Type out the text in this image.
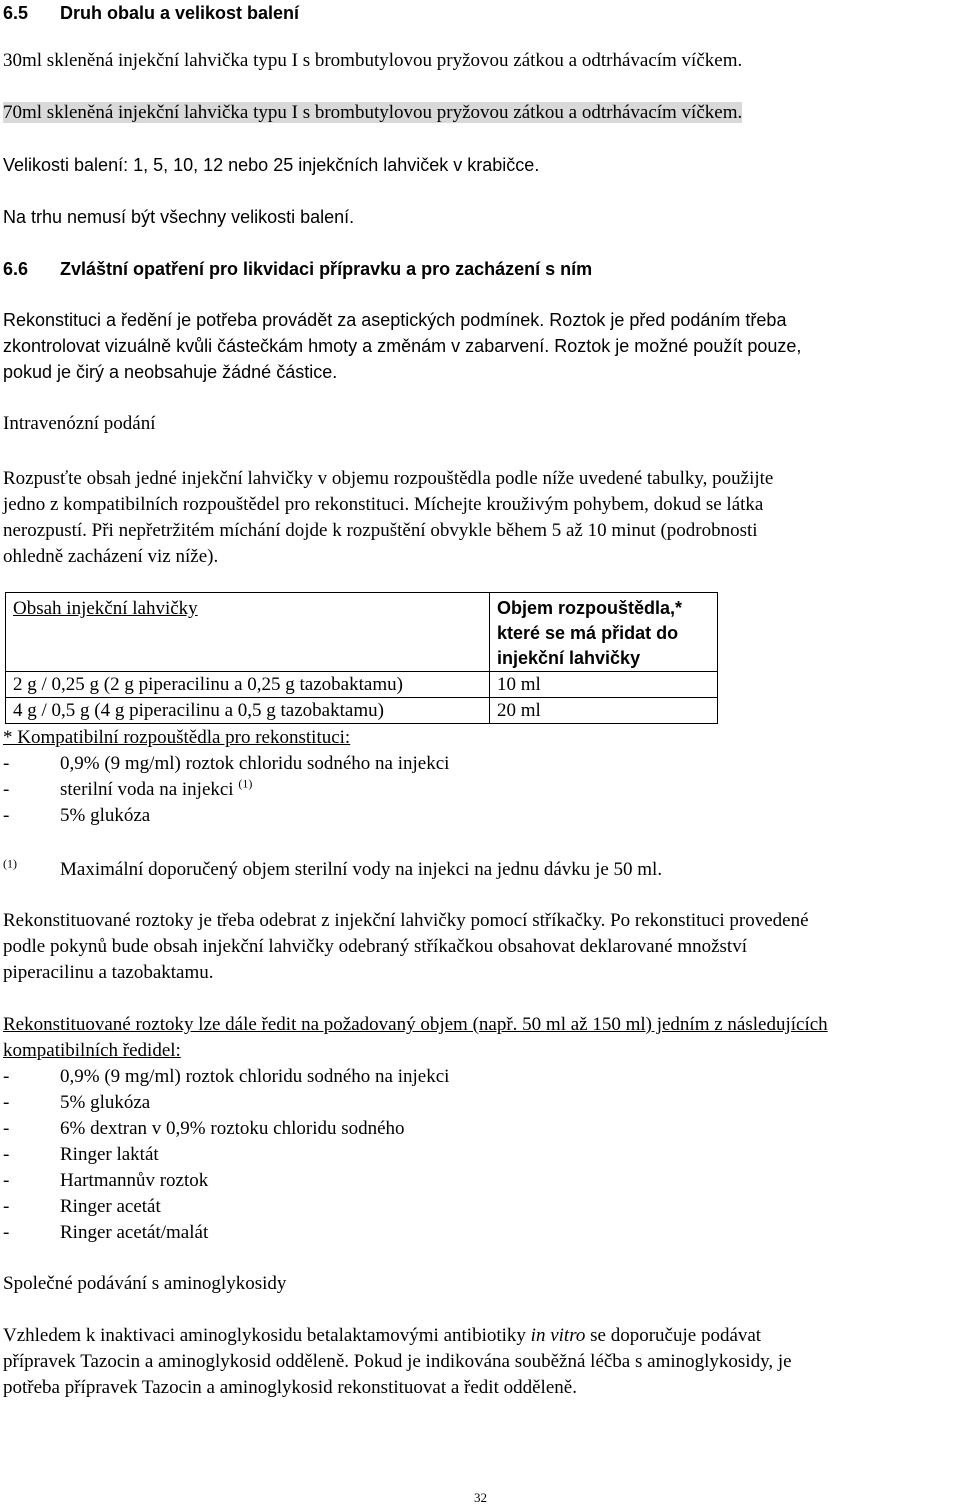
6.5 Druh obalu a velikost balení
30ml skleněná injekční lahvička typu I s brombutylovou pryžovou zátkou a odtrhávacím víčkem.
70ml skleněná injekční lahvička typu I s brombutylovou pryžovou zátkou a odtrhávacím víčkem.
Velikosti balení: 1, 5, 10, 12 nebo 25 injekčních lahviček v krabičce.
Na trhu nemusí být všechny velikosti balení.
6.6 Zvláštní opatření pro likvidaci přípravku a pro zacházení s ním
Rekonstituci a ředění je potřeba provádět za aseptických podmínek. Roztok je před podáním třeba
zkontrolovat vizuálně kvůli částečkám hmoty a změnám v zabarvení. Roztok je možné použít pouze,
pokud je čirý a neobsahuje žádné částice.
Intravenózní podání
Rozpusťte obsah jedné injekční lahvičky v objemu rozpouštědla podle níže uvedené tabulky, použijte
jedno z kompatibilních rozpouštědel pro rekonstituci. Míchejte krouživým pohybem, dokud se látka
nerozpustí. Při nepřetržitém míchání dojde k rozpuštění obvykle během 5 až 10 minut (podrobnosti
ohledně zacházení viz níže).
Obsah injekční lahvičky	Objem rozpouštědla,* které se má přidat do injekční lahvičky
2 g / 0,25 g (2 g piperacilinu a 0,25 g tazobaktamu)	10 ml
4 g / 0,5 g (4 g piperacilinu a 0,5 g tazobaktamu)	20 ml
* Kompatibilní rozpouštědla pro rekonstituci:
-	0,9% (9 mg/ml) roztok chloridu sodného na injekci
-	sterilní voda na injekci $^{(1)}$
-	5% glukóza
$^{(1)}$ Maximální doporučený objem sterilní vody na injekci na jednu dávku je 50 ml.
Rekonstituované roztoky je třeba odebrat z injekční lahvičky pomocí stříkačky. Po rekonstituci provedené
podle pokynů bude obsah injekční lahvičky odebraný stříkačkou obsahovat deklarované množství
piperacilinu a tazobaktamu.
Rekonstituované roztoky lze dále ředit na požadovaný objem (např. 50 ml až 150 ml) jedním z následujících
kompatibilních ředidel:
-	0,9% (9 mg/ml) roztok chloridu sodného na injekci
-	5% glukóza
-	6% dextran v 0,9% roztoku chloridu sodného
-	Ringer laktát
-	Hartmannův roztok
-	Ringer acetát
-	Ringer acetát/malát
Společné podávání s aminoglykosidy
Vzhledem k inaktivaci aminoglykosidu betalaktamovými antibiotiky in vitro se doporučuje podávat
přípravek Tazocin a aminoglykosid odděleně. Pokud je indikována souběžná léčba s aminoglykosidy, je
potřeba přípravek Tazocin a aminoglykosid rekonstituovat a ředit odděleně.
32
